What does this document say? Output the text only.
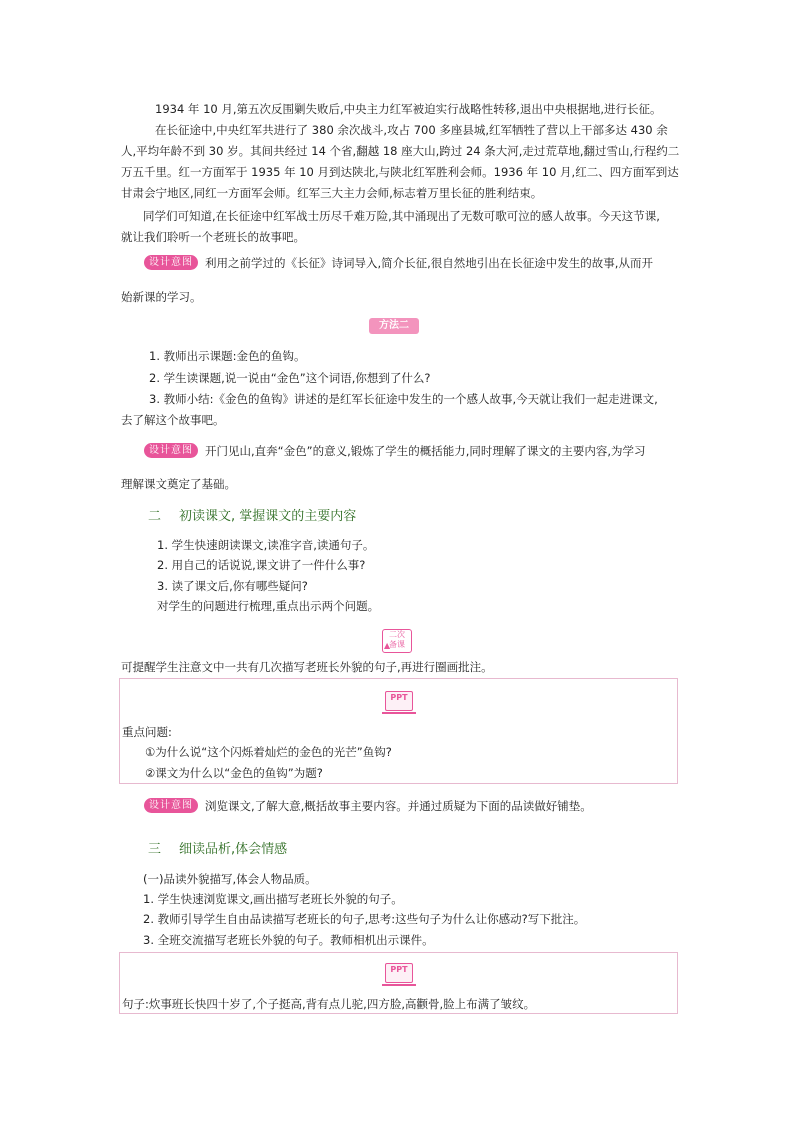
1934 年 10 月,第五次反围剿失败后,中央主力红军被迫实行战略性转移,退出中央根据地,进行长征。
在长征途中,中央红军共进行了 380 余次战斗,攻占 700 多座县城,红军牺牲了营以上干部多达 430 余
人,平均年龄不到 30 岁。其间共经过 14 个省,翻越 18 座大山,跨过 24 条大河,走过荒草地,翻过雪山,行程约二
万五千里。红一方面军于 1935 年 10 月到达陕北,与陕北红军胜利会师。1936 年 10 月,红二、四方面军到达
甘肃会宁地区,同红一方面军会师。红军三大主力会师,标志着万里长征的胜利结束。
同学们可知道,在长征途中红军战士历尽千难万险,其中涌现出了无数可歌可泣的感人故事。今天这节课,
就让我们聆听一个老班长的故事吧。
设计意图	利用之前学过的《长征》诗词导入,简介长征,很自然地引出在长征途中发生的故事,从而开
始新课的学习。
方法二
1. 教师出示课题:金色的鱼钩。
2. 学生读课题,说一说由“金色”这个词语,你想到了什么?
3. 教师小结:《金色的鱼钩》讲述的是红军长征途中发生的一个感人故事,今天就让我们一起走进课文,
去了解这个故事吧。
设计意图	开门见山,直奔“金色”的意义,锻炼了学生的概括能力,同时理解了课文的主要内容,为学习
理解课文奠定了基础。
二 初读课文, 掌握课文的主要内容
1. 学生快速朗读课文,读准字音,读通句子。
2. 用自己的话说说,课文讲了一件什么事?
3. 读了课文后,你有哪些疑问?
对学生的问题进行梳理,重点出示两个问题。
二次
备课
▲
可提醒学生注意文中一共有几次描写老班长外貌的句子,再进行圈画批注。
PPT
重点问题:
①为什么说“这个闪烁着灿烂的金色的光芒”鱼钩?
②课文为什么以“金色的鱼钩”为题?
设计意图	浏览课文,了解大意,概括故事主要内容。并通过质疑为下面的品读做好铺垫。
三 细读品析,体会情感
(一)品读外貌描写,体会人物品质。
1. 学生快速浏览课文,画出描写老班长外貌的句子。
2. 教师引导学生自由品读描写老班长的句子,思考:这些句子为什么让你感动?写下批注。
3. 全班交流描写老班长外貌的句子。教师相机出示课件。
PPT
句子:炊事班长快四十岁了,个子挺高,背有点儿驼,四方脸,高颧骨,脸上布满了皱纹。
